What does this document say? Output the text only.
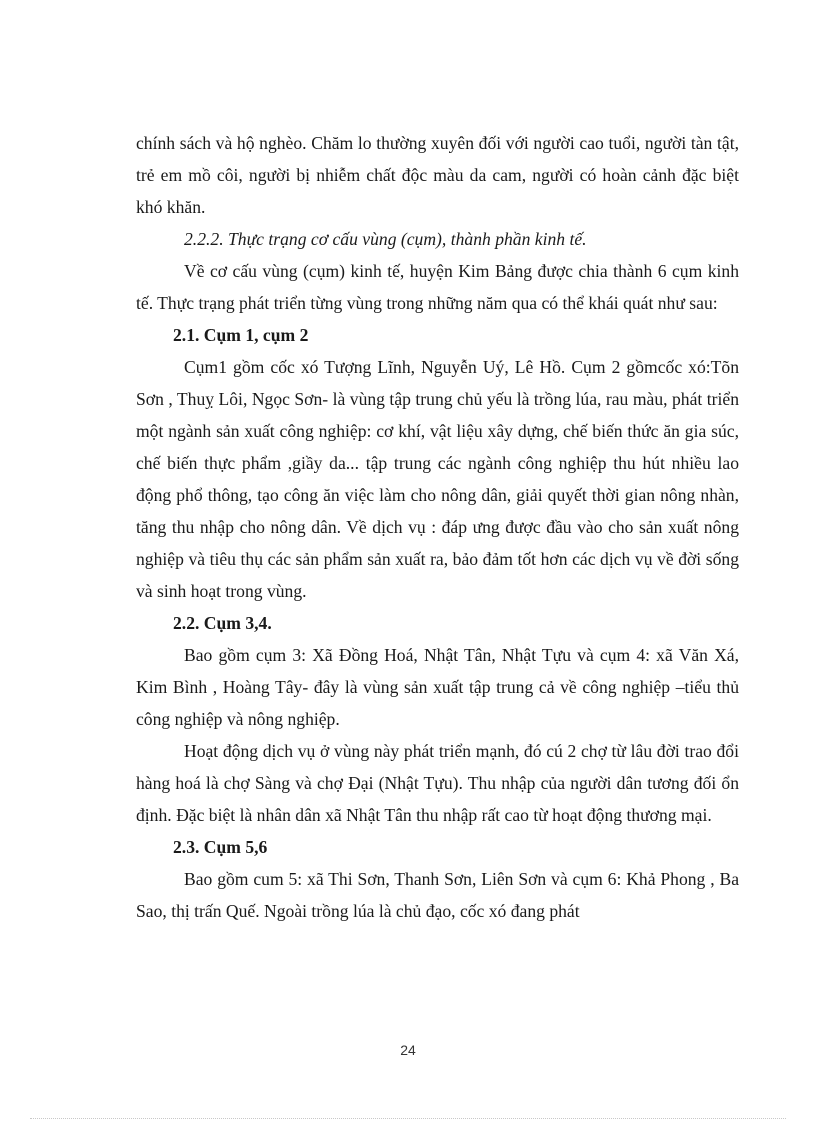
chính sách và hộ nghèo. Chăm lo thường xuyên đối với người cao tuổi, người tàn tật, trẻ em mồ côi, người bị nhiễm chất độc màu da cam, người có hoàn cảnh đặc biệt khó khăn.

2.2.2. Thực trạng cơ cấu vùng (cụm), thành phần kinh tế.

Về cơ cấu vùng (cụm) kinh tế, huyện Kim Bảng được chia thành 6 cụm kinh tế. Thực trạng phát triển từng vùng trong những năm qua có thể khái quát như sau:

2.1. Cụm 1, cụm 2

Cụm1 gồm cốc xó Tượng Lĩnh, Nguyễn Uý, Lê Hồ. Cụm 2 gồmcốc xó:Tõn Sơn , Thuỵ Lôi, Ngọc Sơn- là vùng tập trung chủ yếu là trồng lúa, rau màu, phát triển một ngành sản xuất công nghiệp: cơ khí, vật liệu xây dựng, chế biến thức ăn gia súc, chế biến thực phẩm ,giầy da... tập trung các ngành công nghiệp thu hút nhiều lao động phổ thông, tạo công ăn việc làm cho nông dân, giải quyết thời gian nông nhàn, tăng thu nhập cho nông dân. Về dịch vụ : đáp ưng được đầu vào cho sản xuất nông nghiệp và tiêu thụ các sản phẩm sản xuất ra, bảo đảm tốt hơn các dịch vụ về đời sống và sinh hoạt trong vùng.

2.2. Cụm 3,4.

Bao gồm cụm 3: Xã Đồng Hoá, Nhật Tân, Nhật Tựu và cụm 4: xã Văn Xá, Kim Bình , Hoàng Tây- đây là vùng sản xuất tập trung cả về công nghiệp –tiểu thủ công nghiệp và nông nghiệp.

Hoạt động dịch vụ ở vùng này phát triển mạnh, đó cú 2 chợ từ lâu đời trao đổi hàng hoá là chợ Sàng và chợ Đại (Nhật Tựu). Thu nhập của người dân tương đối ổn định. Đặc biệt là nhân dân xã Nhật Tân thu nhập rất cao từ hoạt động thương mại.

2.3. Cụm 5,6

Bao gồm cum 5: xã Thi Sơn, Thanh Sơn, Liên Sơn và cụm 6: Khả Phong , Ba Sao, thị trấn Quế. Ngoài trồng lúa là chủ đạo, cốc xó đang phát

24
